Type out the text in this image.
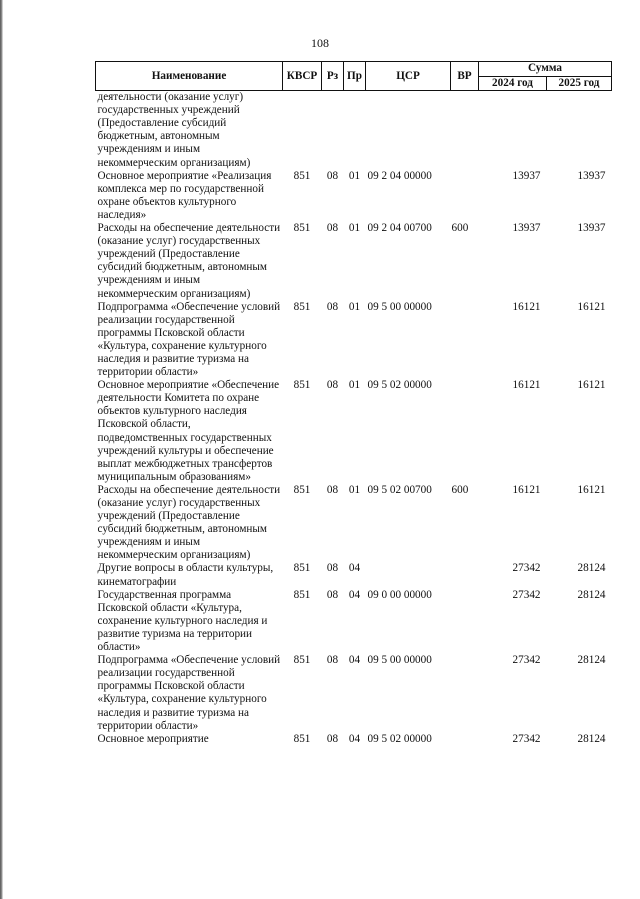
108
Наименование	КВСР	Рз	Пр	ЦСР	ВР	Сумма	
						2024 год	2025 год
деятельности (оказание услуг) государственных учреждений (Предоставление субсидий бюджетным, автономным учреждениям и иным некоммерческим организациям)							
Основное мероприятие «Реализация комплекса мер по государственной охране объектов культурного наследия»	851	08	01	09 2 04 00000		13937	13937
Расходы на обеспечение деятельности (оказание услуг) государственных учреждений (Предоставление субсидий бюджетным, автономным учреждениям и иным некоммерческим организациям)	851	08	01	09 2 04 00700	600	13937	13937
Подпрограмма «Обеспечение условий реализации государственной программы Псковской области «Культура, сохранение культурного наследия и развитие туризма на территории области»	851	08	01	09 5 00 00000		16121	16121
Основное мероприятие «Обеспечение деятельности Комитета по охране объектов культурного наследия Псковской области, подведомственных государственных учреждений культуры и обеспечение выплат межбюджетных трансфертов муниципальным образованиям»	851	08	01	09 5 02 00000		16121	16121
Расходы на обеспечение деятельности (оказание услуг) государственных учреждений (Предоставление субсидий бюджетным, автономным учреждениям и иным некоммерческим организациям)	851	08	01	09 5 02 00700	600	16121	16121
Другие вопросы в области культуры, кинематографии	851	08	04			27342	28124
Государственная программа Псковской области «Культура, сохранение культурного наследия и развитие туризма на территории области»	851	08	04	09 0 00 00000		27342	28124
Подпрограмма «Обеспечение условий реализации государственной программы Псковской области «Культура, сохранение культурного наследия и развитие туризма на территории области»	851	08	04	09 5 00 00000		27342	28124
Основное мероприятие	851	08	04	09 5 02 00000		27342	28124
